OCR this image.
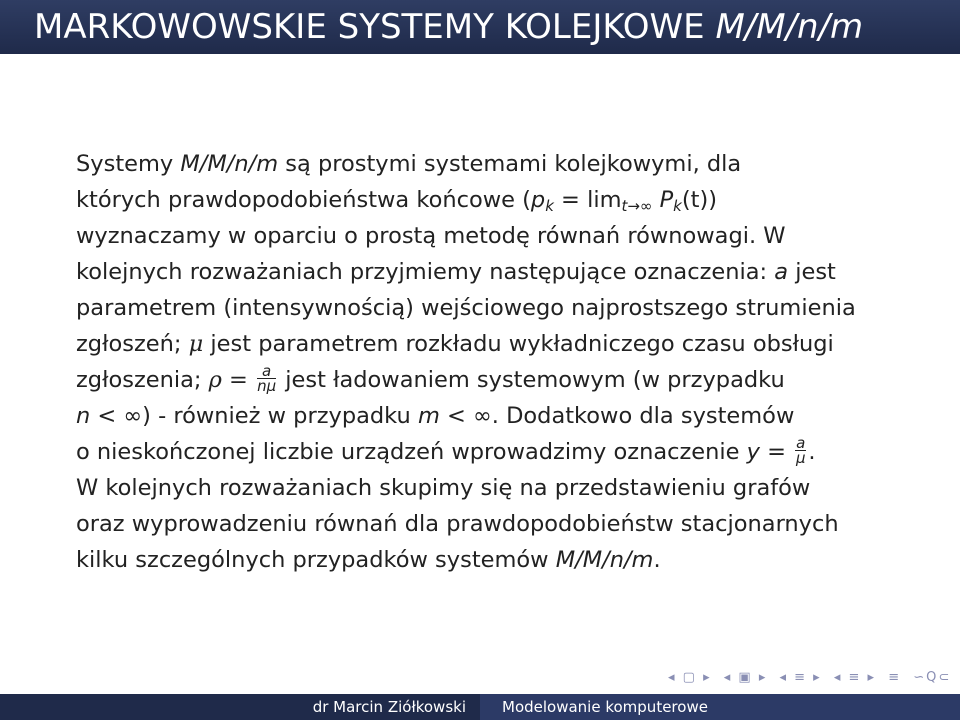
MARKOWOWSKIE SYSTEMY KOLEJKOWE M/M/n/m
Systemy M/M/n/m są prostymi systemami kolejkowymi, dla
których prawdopodobieństwa końcowe $(p_k = \lim_{t\to\infty} P_k(t))$
wyznaczamy w oparciu o prostą metodę równań równowagi. W
kolejnych rozważaniach przyjmiemy następujące oznaczenia: a jest
parametrem (intensywnością) wejściowego najprostszego strumienia
zgłoszeń; μ jest parametrem rozkładu wykładniczego czasu obsługi
zgłoszenia; $\rho = \frac{a}{n\mu}$ jest ładowaniem systemowym (w przypadku
n < ∞) - również w przypadku m < ∞. Dodatkowo dla systemów
o nieskończonej liczbie urządzeń wprowadzimy oznaczenie $y = \frac{a}{\mu}$ .
W kolejnych rozważaniach skupimy się na przedstawieniu grafów
oraz wyprowadzeniu równań dla prawdopodobieństw stacjonarnych
kilku szczególnych przypadków systemów M/M/n/m.
◂ ▢ ▸ ◂ ▣ ▸ ◂ ≡ ▸ ◂ ≡ ▸ ≡ ∽Q⊂
dr Marcin Ziółkowski	Modelowanie komputerowe
